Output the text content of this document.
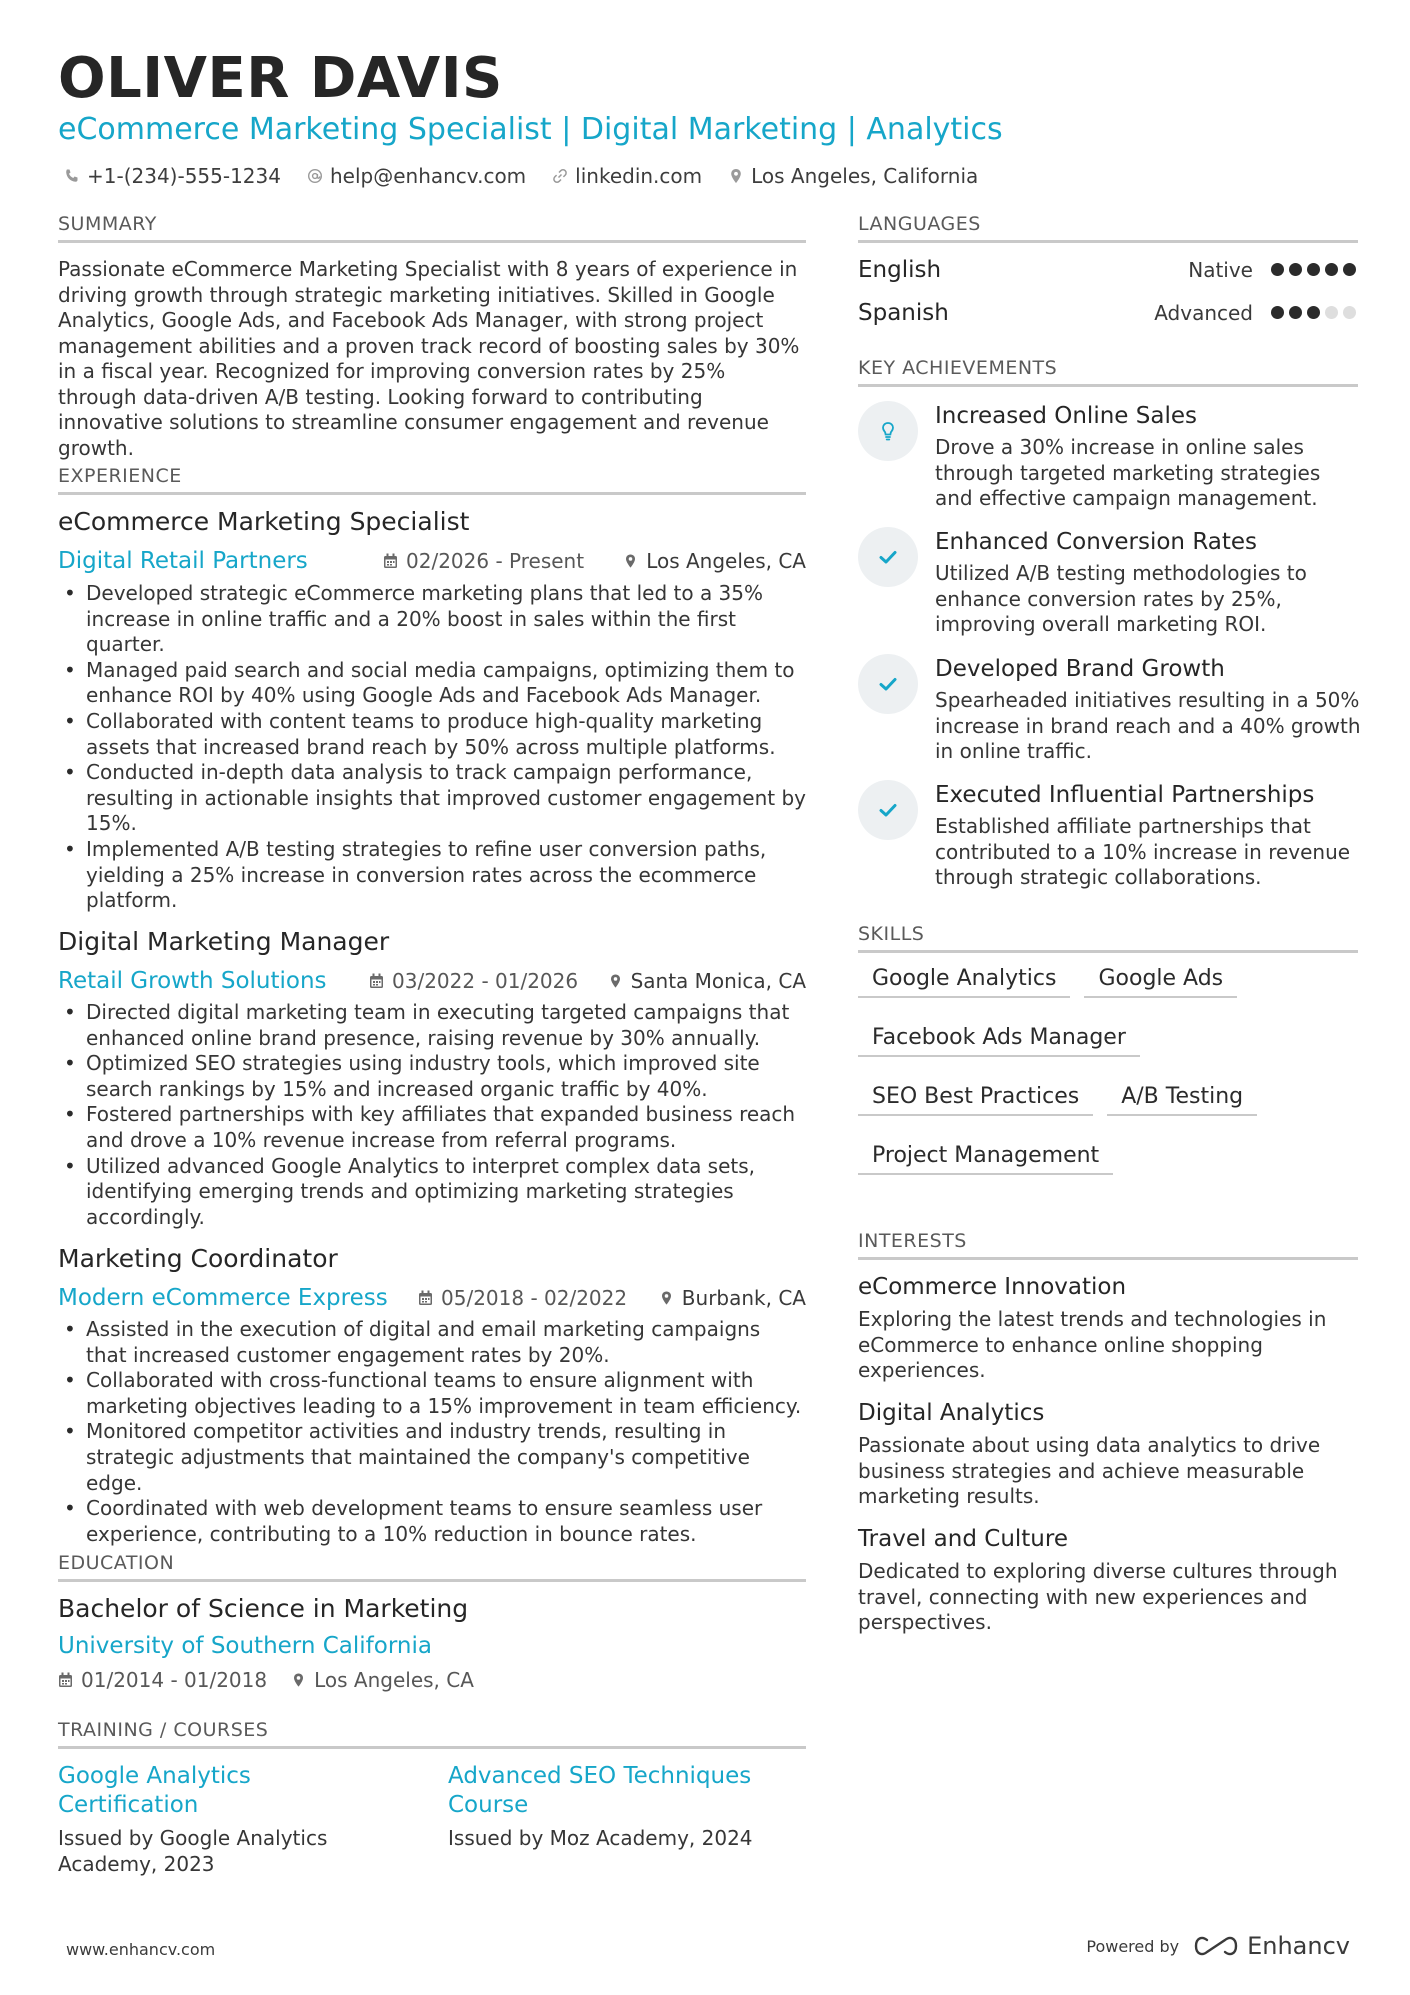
OLIVER DAVIS
eCommerce Marketing Specialist | Digital Marketing | Analytics
+1-(234)-555-1234 help@enhancv.com linkedin.com Los Angeles, California
SUMMARY
Passionate eCommerce Marketing Specialist with 8 years of experience in driving growth through strategic marketing initiatives. Skilled in Google Analytics, Google Ads, and Facebook Ads Manager, with strong project management abilities and a proven track record of boosting sales by 30% in a fiscal year. Recognized for improving conversion rates by 25% through data-driven A/B testing. Looking forward to contributing innovative solutions to streamline consumer engagement and revenue growth.
EXPERIENCE
eCommerce Marketing Specialist
Digital Retail Partners	02/2026 - Present	Los Angeles, CA
• Developed strategic eCommerce marketing plans that led to a 35% increase in online traffic and a 20% boost in sales within the first quarter.
• Managed paid search and social media campaigns, optimizing them to enhance ROI by 40% using Google Ads and Facebook Ads Manager.
• Collaborated with content teams to produce high-quality marketing assets that increased brand reach by 50% across multiple platforms.
• Conducted in-depth data analysis to track campaign performance, resulting in actionable insights that improved customer engagement by 15%.
• Implemented A/B testing strategies to refine user conversion paths, yielding a 25% increase in conversion rates across the ecommerce platform.
Digital Marketing Manager
Retail Growth Solutions	03/2022 - 01/2026	Santa Monica, CA
• Directed digital marketing team in executing targeted campaigns that enhanced online brand presence, raising revenue by 30% annually.
• Optimized SEO strategies using industry tools, which improved site search rankings by 15% and increased organic traffic by 40%.
• Fostered partnerships with key affiliates that expanded business reach and drove a 10% revenue increase from referral programs.
• Utilized advanced Google Analytics to interpret complex data sets, identifying emerging trends and optimizing marketing strategies accordingly.
Marketing Coordinator
Modern eCommerce Express	05/2018 - 02/2022	Burbank, CA
• Assisted in the execution of digital and email marketing campaigns that increased customer engagement rates by 20%.
• Collaborated with cross-functional teams to ensure alignment with marketing objectives leading to a 15% improvement in team efficiency.
• Monitored competitor activities and industry trends, resulting in strategic adjustments that maintained the company's competitive edge.
• Coordinated with web development teams to ensure seamless user experience, contributing to a 10% reduction in bounce rates.
EDUCATION
Bachelor of Science in Marketing
University of Southern California
01/2014 - 01/2018 Los Angeles, CA
TRAINING / COURSES
Google Analytics Certification
Issued by Google Analytics Academy, 2023
Advanced SEO Techniques Course
Issued by Moz Academy, 2024
LANGUAGES
English	Native
Spanish	Advanced
KEY ACHIEVEMENTS
Increased Online Sales
Drove a 30% increase in online sales through targeted marketing strategies and effective campaign management.
Enhanced Conversion Rates
Utilized A/B testing methodologies to enhance conversion rates by 25%, improving overall marketing ROI.
Developed Brand Growth
Spearheaded initiatives resulting in a 50% increase in brand reach and a 40% growth in online traffic.
Executed Influential Partnerships
Established affiliate partnerships that contributed to a 10% increase in revenue through strategic collaborations.
SKILLS
Google Analytics	Google Ads
Facebook Ads Manager
SEO Best Practices	A/B Testing
Project Management
INTERESTS
eCommerce Innovation
Exploring the latest trends and technologies in eCommerce to enhance online shopping experiences.
Digital Analytics
Passionate about using data analytics to drive business strategies and achieve measurable marketing results.
Travel and Culture
Dedicated to exploring diverse cultures through travel, connecting with new experiences and perspectives.
www.enhancv.com	Powered by	Enhancv
